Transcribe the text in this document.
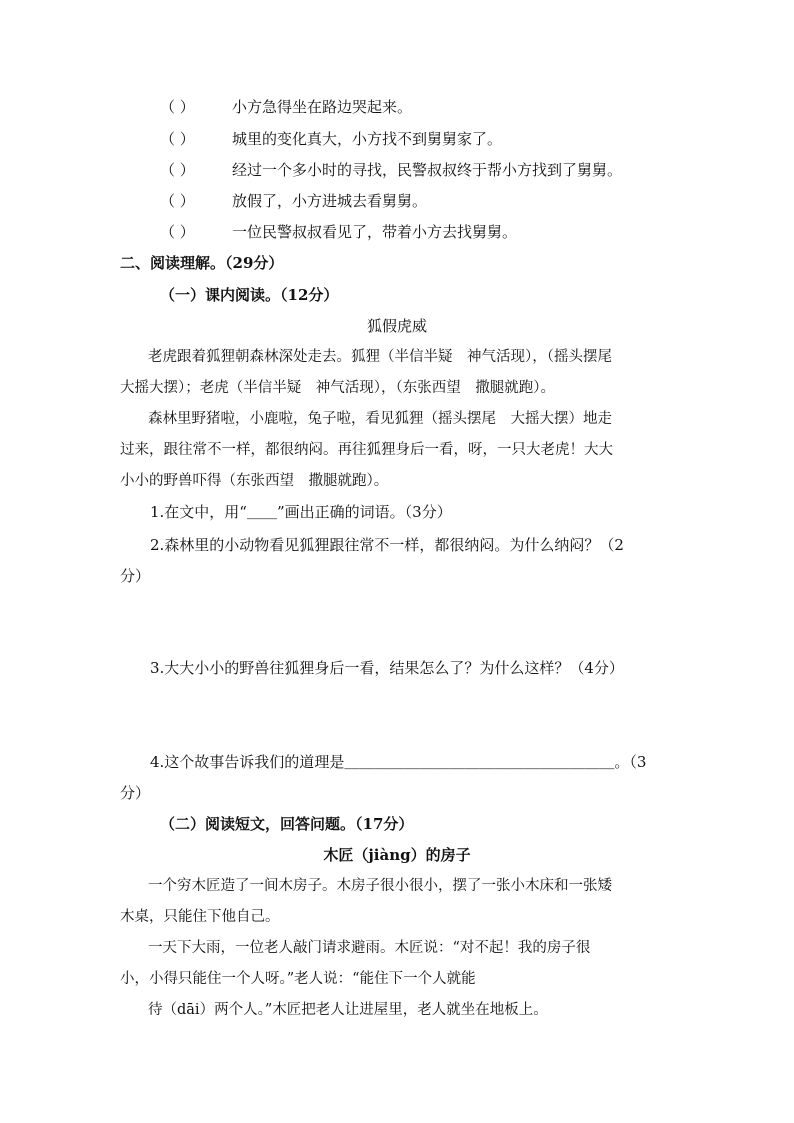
（ ） 小方急得坐在路边哭起来。
（ ） 城里的变化真大，小方找不到舅舅家了。
（ ） 经过一个多小时的寻找，民警叔叔终于帮小方找到了舅舅。
（ ） 放假了，小方进城去看舅舅。
（ ） 一位民警叔叔看见了，带着小方去找舅舅。
二、阅读理解。（29分）
（一）课内阅读。（12分）
狐假虎威
老虎跟着狐狸朝森林深处走去。狐狸（半信半疑　神气活现），（摇头摆尾
大摇大摆）；老虎（半信半疑　神气活现），（东张西望　撒腿就跑）。
森林里野猪啦，小鹿啦，兔子啦，看见狐狸（摇头摆尾　大摇大摆）地走
过来，跟往常不一样，都很纳闷。再往狐狸身后一看，呀，一只大老虎！大大
小小的野兽吓得（东张西望　撒腿就跑）。
1.在文中，用“＿＿”画出正确的词语。（3分）
2.森林里的小动物看见狐狸跟往常不一样，都很纳闷。为什么纳闷？（2
分）
3.大大小小的野兽往狐狸身后一看，结果怎么了？为什么这样？（4分）
4.这个故事告诉我们的道理是＿＿＿＿＿＿＿＿＿＿＿＿＿＿＿＿＿＿。（3
分）
（二）阅读短文，回答问题。（17分）
木匠（jiàng）的房子
一个穷木匠造了一间木房子。木房子很小很小，摆了一张小木床和一张矮
木桌，只能住下他自己。
一天下大雨，一位老人敲门请求避雨。木匠说：“对不起！我的房子很
小，小得只能住一个人呀。”老人说：“能住下一个人就能
待（dāi）两个人。”木匠把老人让进屋里，老人就坐在地板上。
